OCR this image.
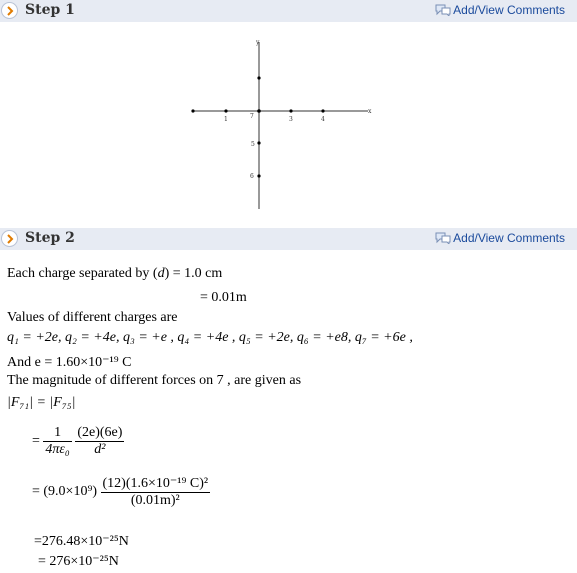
Step 1	Add/View Comments
x
y
1	7	3	4
5
6
Step 2	Add/View Comments
Each charge separated by (d) = 1.0 cm
= 0.01m
Values of different charges are
q₁ = +2e, q₂ = +4e, q₃ = +e , q₄ = +4e , q₅ = +2e, q₆ = +e8, q₇ = +6e ,
And e = 1.60×10⁻¹⁹ C
The magnitude of different forces on 7 , are given as
|F₇₁| = |F₇₅|
= $\frac{1}{\text{4πε₀}}$
$\frac{(2e)(6e)}{\text{d²}}$
= $(9.0\times 10^9) \frac{\text{(12)(1.6×10⁻¹⁹ C)²}}{\text{(0.01m)²}}$
=276.48×10⁻²⁵N
= 276×10⁻²⁵N
